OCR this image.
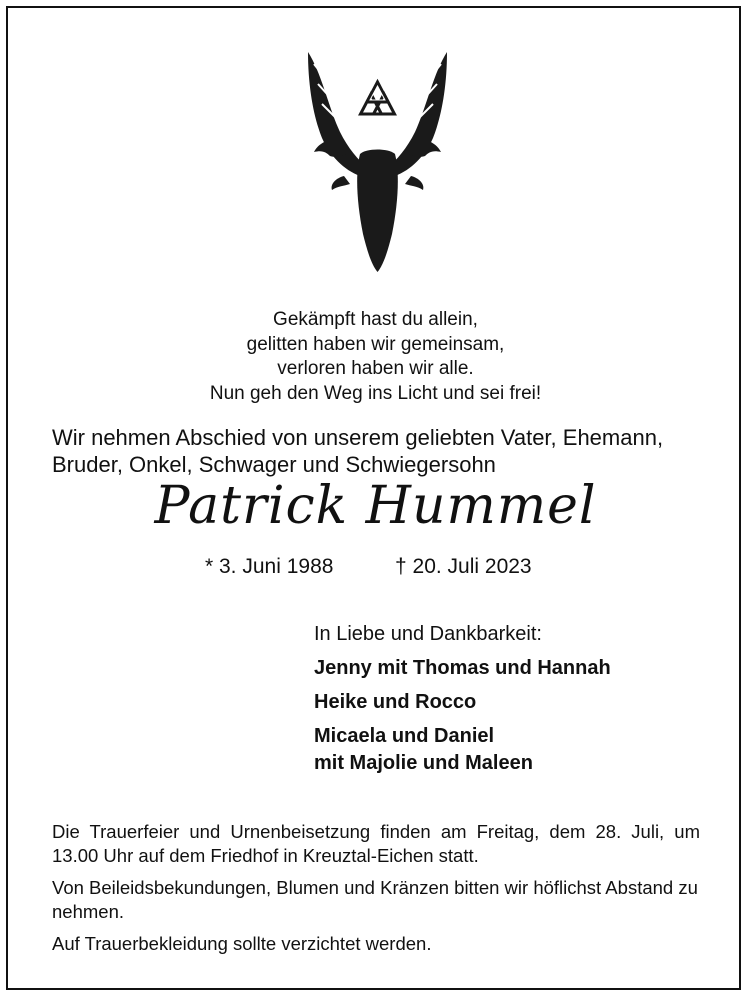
Gekämpft hast du allein,
gelitten haben wir gemeinsam,
verloren haben wir alle.
Nun geh den Weg ins Licht und sei frei!
Wir nehmen Abschied von unserem geliebten Vater, Ehemann,
Bruder, Onkel, Schwager und Schwiegersohn
Patrick Hummel
* 3. Juni 1988	† 20. Juli 2023
In Liebe und Dankbarkeit:
Jenny mit Thomas und Hannah
Heike und Rocco
Micaela und Daniel
mit Majolie und Maleen

Die Trauerfeier und Urnenbeisetzung finden am Freitag, dem 28. Juli, um 13.00 Uhr auf dem Friedhof in Kreuztal-Eichen statt.

Von Beileidsbekundungen, Blumen und Kränzen bitten wir höflichst Abstand zu nehmen.

Auf Trauerbekleidung sollte verzichtet werden.
